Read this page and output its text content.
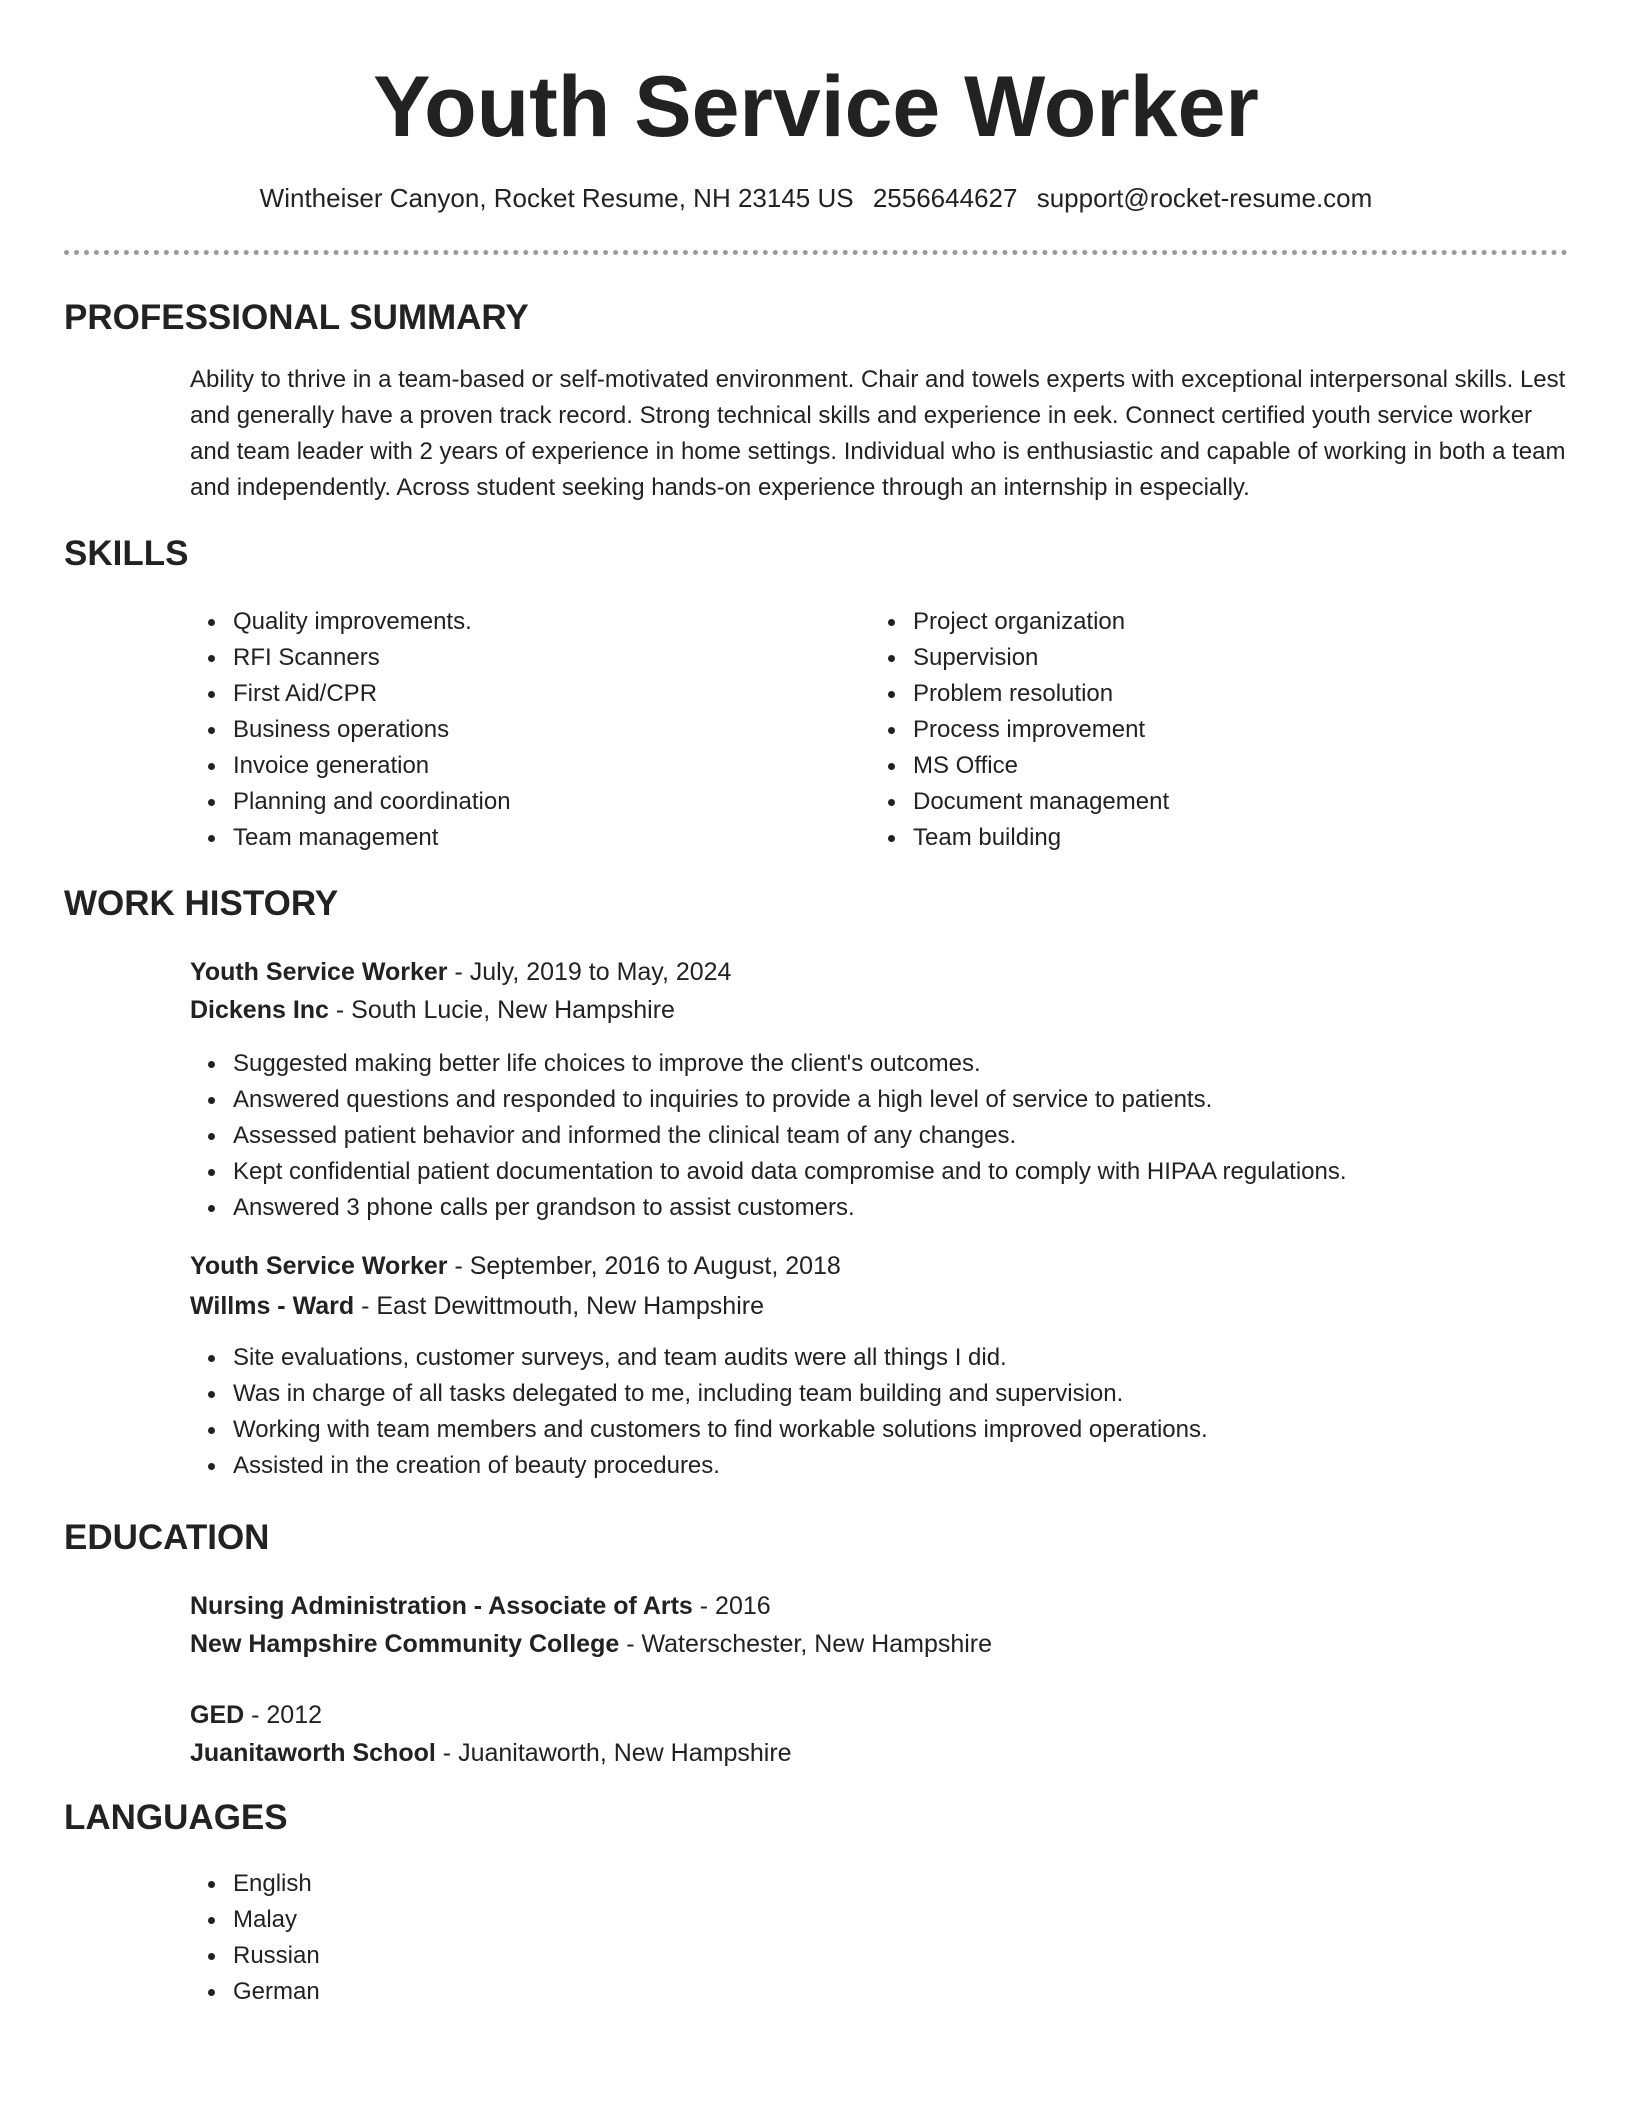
Youth Service Worker
Wintheiser Canyon, Rocket Resume, NH 23145 US 2556644627 support@rocket-resume.com
PROFESSIONAL SUMMARY

Ability to thrive in a team-based or self-motivated environment. Chair and towels experts with exceptional interpersonal skills. Lest and generally have a proven track record. Strong technical skills and experience in eek. Connect certified youth service worker and team leader with 2 years of experience in home settings. Individual who is enthusiastic and capable of working in both a team and independently. Across student seeking hands-on experience through an internship in especially.

SKILLS
Quality improvements.
RFI Scanners
First Aid/CPR
Business operations
Invoice generation
Planning and coordination
Team management
Project organization
Supervision
Problem resolution
Process improvement
MS Office
Document management
Team building
WORK HISTORY
Youth Service Worker - July, 2019 to May, 2024
Dickens Inc - South Lucie, New Hampshire
Suggested making better life choices to improve the client's outcomes.
Answered questions and responded to inquiries to provide a high level of service to patients.
Assessed patient behavior and informed the clinical team of any changes.
Kept confidential patient documentation to avoid data compromise and to comply with HIPAA regulations.
Answered 3 phone calls per grandson to assist customers.
Youth Service Worker - September, 2016 to August, 2018
Willms - Ward - East Dewittmouth, New Hampshire
Site evaluations, customer surveys, and team audits were all things I did.
Was in charge of all tasks delegated to me, including team building and supervision.
Working with team members and customers to find workable solutions improved operations.
Assisted in the creation of beauty procedures.
EDUCATION
Nursing Administration - Associate of Arts - 2016
New Hampshire Community College - Waterschester, New Hampshire
GED - 2012
Juanitaworth School - Juanitaworth, New Hampshire
LANGUAGES
English
Malay
Russian
German
